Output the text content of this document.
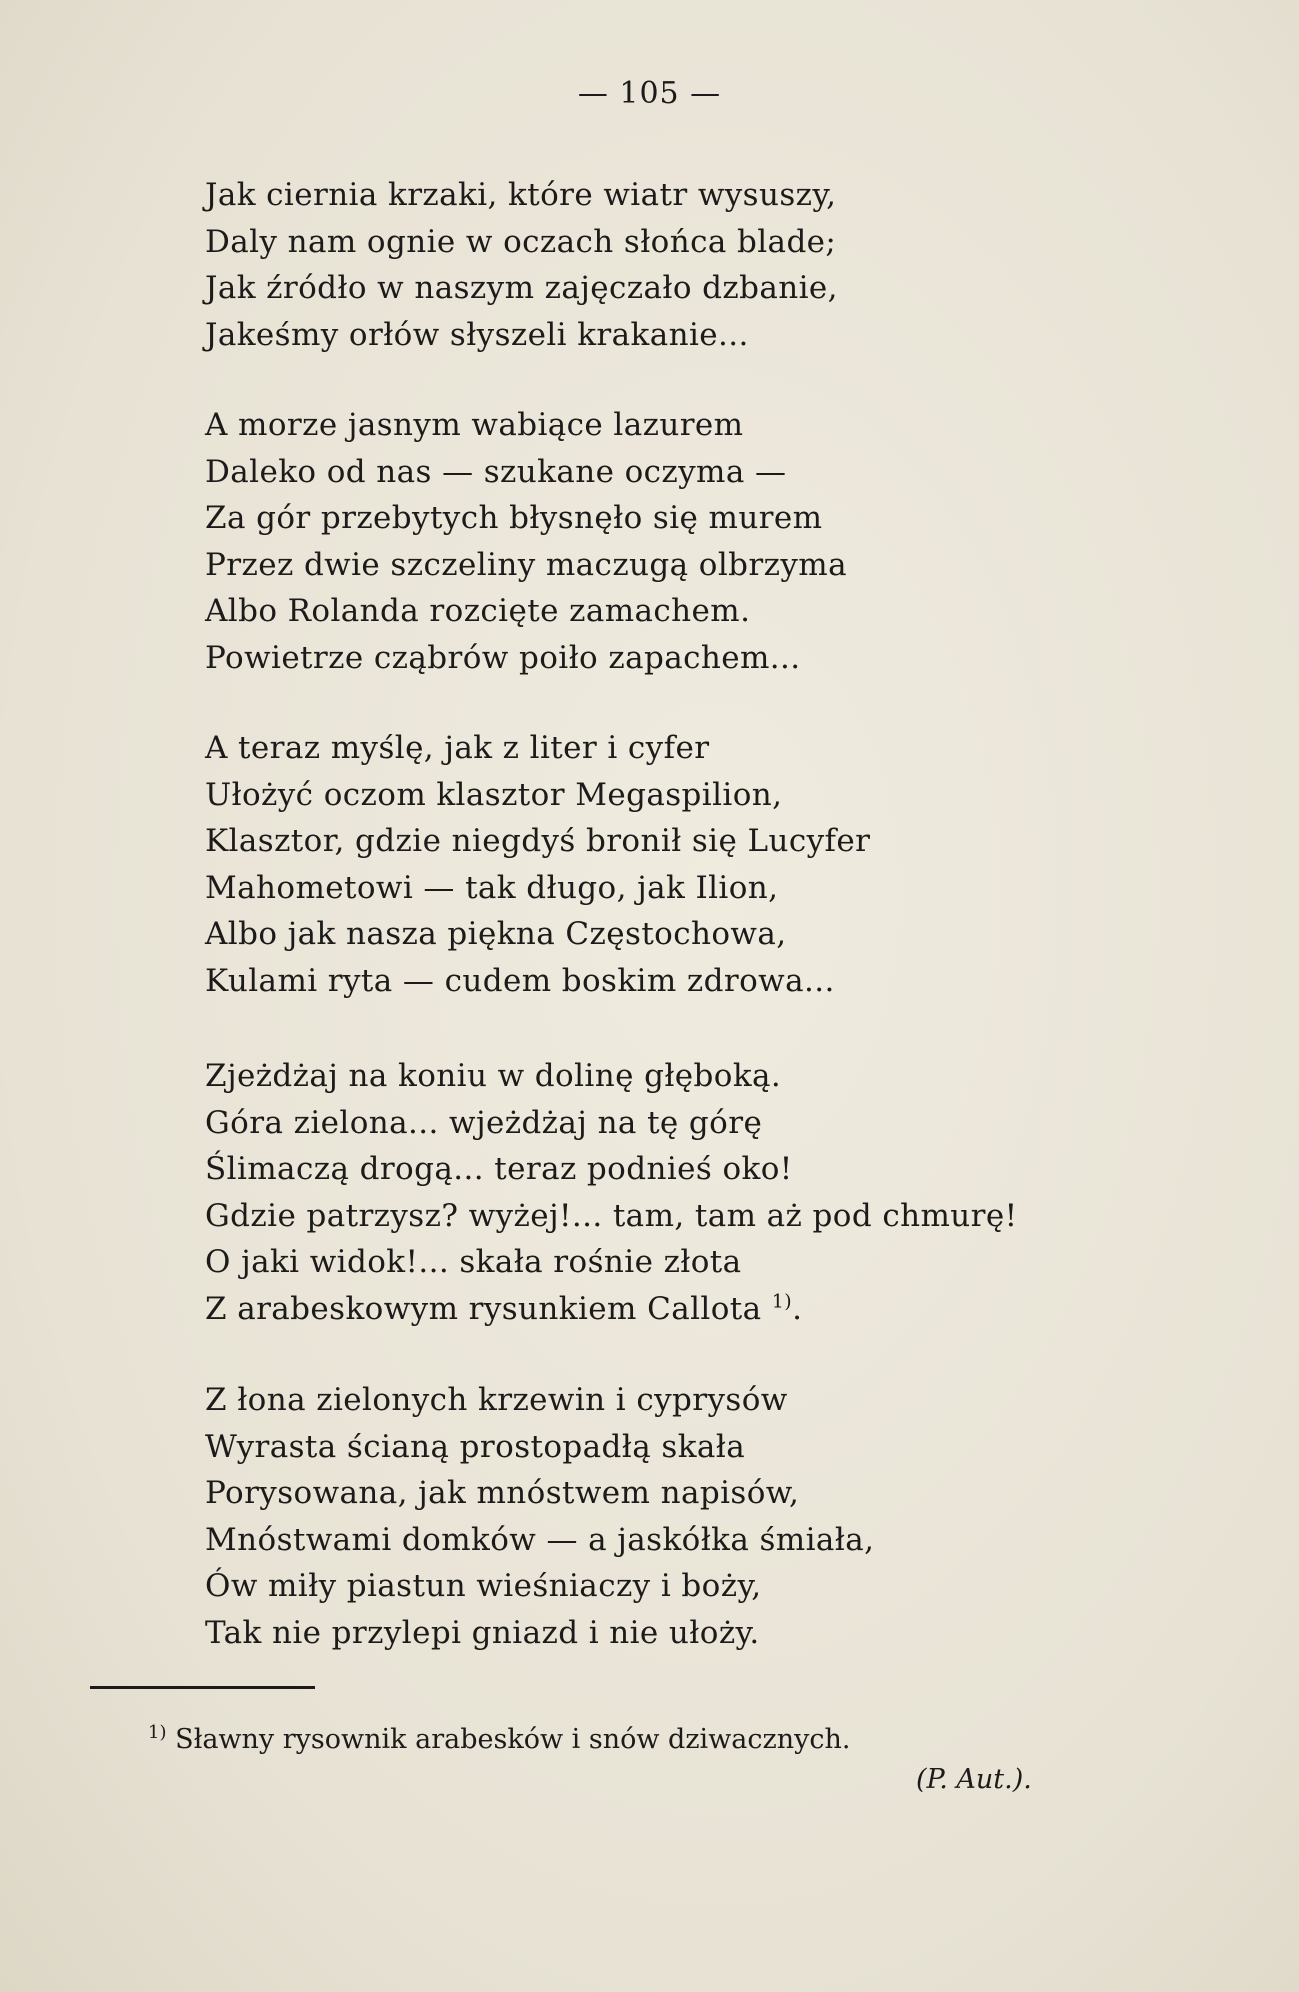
— 105 —
Jak ciernia krzaki, które wiatr wysuszy,
Daly nam ognie w oczach słońca blade;
Jak źródło w naszym zajęczało dzbanie,
Jakeśmy orłów słyszeli krakanie...
A morze jasnym wabiące lazurem
Daleko od nas — szukane oczyma —
Za gór przebytych błysnęło się murem
Przez dwie szczeliny maczugą olbrzyma
Albo Rolanda rozcięte zamachem.
Powietrze cząbrów poiło zapachem...
A teraz myślę, jak z liter i cyfer
Ułożyć oczom klasztor Megaspilion,
Klasztor, gdzie niegdyś bronił się Lucyfer
Mahometowi — tak długo, jak Ilion,
Albo jak nasza piękna Częstochowa,
Kulami ryta — cudem boskim zdrowa...
Zjeżdżaj na koniu w dolinę głęboką.
Góra zielona... wjeżdżaj na tę górę
Ślimaczą drogą... teraz podnieś oko!
Gdzie patrzysz? wyżej!... tam, tam aż pod chmurę!
O jaki widok!... skała rośnie złota
Z arabeskowym rysunkiem Callota $^{1)}$.
Z łona zielonych krzewin i cyprysów
Wyrasta ścianą prostopadłą skała
Porysowana, jak mnóstwem napisów,
Mnóstwami domków — a jaskółka śmiała,
Ów miły piastun wieśniaczy i boży,
Tak nie przylepi gniazd i nie ułoży.
$^{1)}$ Sławny rysownik arabesków i snów dziwacznych.
(P. Aut.).
